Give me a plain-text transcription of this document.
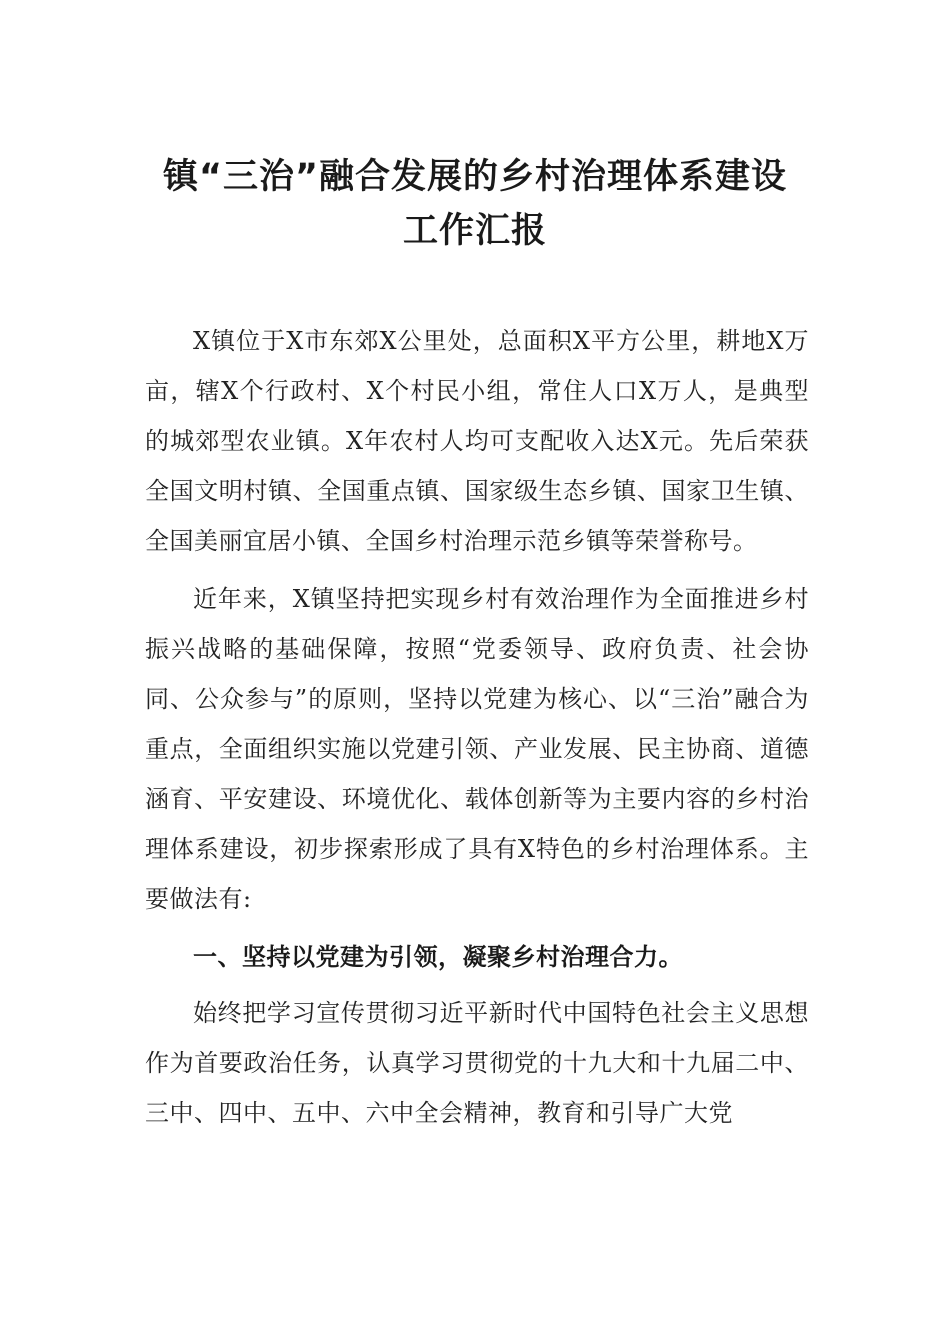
镇“三治”融合发展的乡村治理体系建设
工作汇报

X镇位于X市东郊X公里处，总面积X平方公里，耕地X万亩，辖X个行政村、X个村民小组，常住人口X万人，是典型的城郊型农业镇。X年农村人均可支配收入达X元。先后荣获全国文明村镇、全国重点镇、国家级生态乡镇、国家卫生镇、全国美丽宜居小镇、全国乡村治理示范乡镇等荣誉称号。

近年来，X镇坚持把实现乡村有效治理作为全面推进乡村振兴战略的基础保障，按照“党委领导、政府负责、社会协同、公众参与”的原则，坚持以党建为核心、以“三治”融合为重点，全面组织实施以党建引领、产业发展、民主协商、道德涵育、平安建设、环境优化、载体创新等为主要内容的乡村治理体系建设，初步探索形成了具有X特色的乡村治理体系。主要做法有:

一、坚持以党建为引领，凝聚乡村治理合力。

始终把学习宣传贯彻习近平新时代中国特色社会主义思想作为首要政治任务，认真学习贯彻党的十九大和十九届二中、三中、四中、五中、六中全会精神，教育和引导广大党
